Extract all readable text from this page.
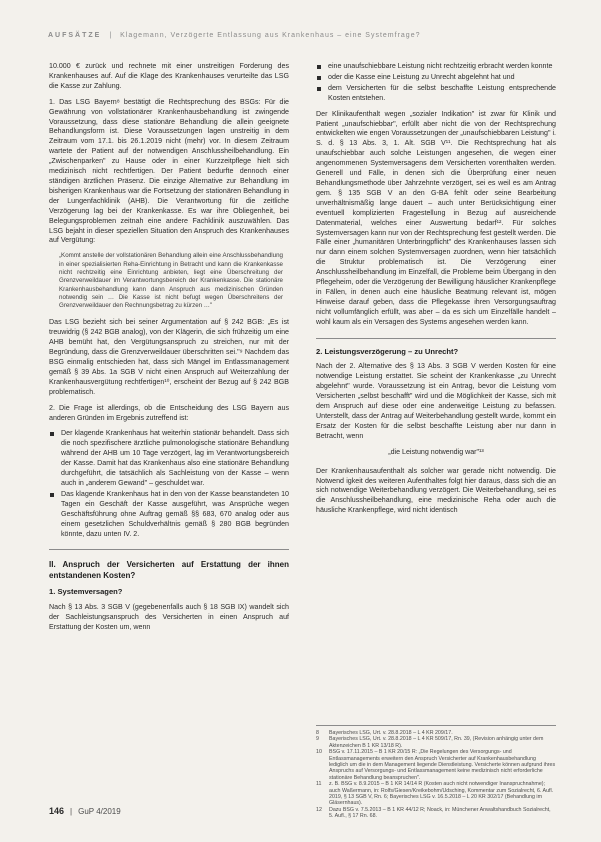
AUFSÄTZE | Klagemann, Verzögerte Entlassung aus Krankenhaus – eine Systemfrage?

10.000 € zurück und rechnete mit einer unstreitigen Forderung des Krankenhauses auf. Auf die Klage des Krankenhauses verurteilte das LSG die Kasse zur Zahlung.

1. Das LSG Bayern⁸ bestätigt die Rechtsprechung des BSGs: Für die Gewährung von vollstationärer Krankenhausbehandlung ist zwingende Voraussetzung, dass diese stationäre Behandlung die allein geeignete Behandlungsform ist. Diese Voraussetzungen lagen unstreitig in dem Zeitraum vom 17.1. bis 26.1.2019 nicht (mehr) vor. In diesem Zeitraum wartete der Patient auf der notwendigen Anschlussheilbehandlung. Ein „Zwischenparken" zu Hause oder in einer Kurzzeitpflege hielt sich medizinisch nicht rechtfertigen. Der Patient bedurfte dennoch einer ständigen ärztlichen Präsenz. Die einzige Alternative zur Behandlung im bisherigen Krankenhaus war die Fortsetzung der stationären Behandlung in der Lungenfachklinik (AHB). Die Verantwortung für die zeitliche Verzögerung lag bei der Krankenkasse. Es war ihre Obliegenheit, bei Belegungsproblemen zeitnah eine andere Fachklinik auszuwählen. Das LSG bejaht in dieser speziellen Situation den Anspruch des Krankenhauses auf Vergütung:

„Kommt anstelle der vollstationären Behandlung allein eine Anschlussbehandlung in einer spezialisierten Reha-Einrichtung in Betracht und kann die Krankenkasse nicht rechtzeitig eine Einrichtung anbieten, liegt eine Überschreitung der Grenzverweildauer im Verantwortungsbereich der Krankenkasse. Die stationäre Krankenhausbehandlung kann dann Anspruch aus medizinischen Gründen notwendig sein … Die Kasse ist nicht befugt wegen Überschreitens der Grenzverweildauer den Rechnungsbetrag zu kürzen …"

Das LSG bezieht sich bei seiner Argumentation auf § 242 BGB: „Es ist treuwidrig (§ 242 BGB analog), von der Klägerin, die sich frühzeitig um eine AHB bemüht hat, den Vergütungsanspruch zu streichen, nur mit der Begründung, dass die Grenzverweildauer überschritten sei."⁹ Nachdem das BSG einmalig entschieden hat, dass sich Mängel im Entlassmanagement gemäß § 39 Abs. 1a SGB V nicht einen Anspruch auf Weiterzahlung der Krankenhausvergütung rechtfertigen¹⁰, erscheint der Bezug auf § 242 BGB problematisch.

2. Die Frage ist allerdings, ob die Entscheidung des LSG Bayern aus anderen Gründen im Ergebnis zutreffend ist:

Der klagende Krankenhaus hat weiterhin stationär behandelt. Dass sich die noch spezifischere ärztliche pulmonologische stationäre Behandlung während der AHB um 10 Tage verzögert, lag im Verantwortungsbereich der Kasse. Damit hat das Krankenhaus also eine stationäre Behandlung durchgeführt, die tatsächlich als Sachleistung von der Kasse – wenn auch in „anderem Gewand" – geschuldet war.
Das klagende Krankenhaus hat in den von der Kasse beanstandeten 10 Tagen ein Geschäft der Kasse ausgeführt, was Ansprüche wegen Geschäftsführung ohne Auftrag gemäß §§ 683, 670 analog oder aus einem gesetzlichen Schuldverhältnis gemäß § 280 BGB begründen könnte, dazu unten IV. 2.
II. Anspruch der Versicherten auf Erstattung der ihnen entstandenen Kosten?
1. Systemversagen?

Nach § 13 Abs. 3 SGB V (gegebenenfalls auch § 18 SGB IX) wandelt sich der Sachleistungsanspruch des Versicherten in einen Anspruch auf Erstattung der Kosten um, wenn

eine unaufschiebbare Leistung nicht rechtzeitig erbracht werden konnte
oder die Kasse eine Leistung zu Unrecht abgelehnt hat und
dem Versicherten für die selbst beschaffte Leistung entsprechende Kosten entstehen.

Der Klinikaufenthalt wegen „sozialer Indikation" ist zwar für Klinik und Patient „unaufschiebbar", erfüllt aber nicht die von der Rechtsprechung entwickelten wie engen Voraussetzungen der „unaufschiebbaren Leistung" i. S. d. § 13 Abs. 3, 1. Alt. SGB V¹¹. Die Rechtsprechung hat als unaufschiebbar auch solche Leistungen angesehen, die wegen einer angenommenen Systemversagens dem Versicherten vorenthalten werden. Generell und Fälle, in denen sich die Überprüfung einer neuen Behandlungsmethode über Jahrzehnte verzögert, sei es weil es am Antrag gem. § 135 SGB V an den G-BA fehlt oder seine Bearbeitung unverhältnismäßig lange dauert – auch unter Berücksichtigung einer eventuell komplizierten Fragestellung in Bezug auf ausreichende Datenmaterial, welches einer Auswertung bedarf¹². Für solches Systemversagen kann nur von der Rechtsprechung fest gestellt werden. Die Fälle einer „humanitären Unterbringpflicht" des Krankenhauses lassen sich nur dann einem solchen Systemversagen zuordnen, wenn hier tatsächlich die Struktur problematisch ist. Die Verzögerung einer Anschlussheilbehandlung im Einzelfall, die Probleme beim Übergang in den Pflegeheim, oder die Verzögerung der Bewilligung häuslicher Krankenpflege in Fällen, in denen auch eine häusliche Beatmung relevant ist, mögen Hinweise darauf geben, dass die Pflegekasse ihren Versorgungsauftrag nicht vollumfänglich erfüllt, was aber – da es sich um Einzelfälle handelt – wohl kaum als ein Versagen des Systems angesehen werden kann.

2. Leistungsverzögerung – zu Unrecht?

Nach der 2. Alternative des § 13 Abs. 3 SGB V werden Kosten für eine notwendige Leistung erstattet. Sie scheint der Krankenkasse „zu Unrecht abgelehnt" wurde. Voraussetzung ist ein Antrag, bevor die Leistung vom Versicherten „selbst beschafft" wird und die Möglichkeit der Kasse, sich mit dem Anspruch auf diese oder eine anderweitige Leistung zu befassen. Unterstellt, dass der Antrag auf Weiterbehandlung gestellt wurde, kommt ein Ersatz der Kosten für die selbst beschaffte Leistung aber nur dann in Betracht, wenn

„die Leistung notwendig war"¹³

Der Krankenhausaufenthalt als solcher war gerade nicht notwendig. Die Notwend igkeit des weiteren Aufenthaltes folgt hier daraus, dass sich die an sich notwendige Weiterbehandlung verzögert. Die Weiterbehandlung, sei es die Anschlussheilbehandlung, eine medizinische Reha oder auch die häusliche Krankenpflege, wird nicht identisch

8	Bayerisches LSG, Urt. v. 28.8.2018 – L 4 KR 209/17.
9	Bayerisches LSG, Urt. v. 28.8.2018 – L 4 KR 509/17, Rn. 39, (Revision anhängig unter dem Aktenzeichen B 1 KR 13/18 R).
10	BSG v. 17.11.2015 – B 1 KR 20/15 R: „Die Regelungen des Versorgungs- und Entlassmanagements erweitern den Anspruch Versicherter auf Krankenhausbehandlung lediglich um die in dem Management liegende Dienstleistung. Versicherte können aufgrund ihres Anspruchs auf Versorgungs- und Entlassmanagement keine medizinisch nicht erforderliche stationäre Behandlung beanspruchen".
11	z. B. BSG v. 8.9.2015 – B 1 KR 14/14 R (Kosten auch nicht notwendiger Inanspruchnahme); auch Waßermann, in: Rolfs/Giesen/Kreikebohm/Udsching, Kommentar zum Sozialrecht, 6. Aufl. 2019, § 13 SGB V, Rn. 6; Bayerisches LSG v. 16.5.2018 – L 20 KR 302/17 (Behandlung im Gläsernhaus).
12	Dazu BSG v. 7.5.2013 – B 1 KR 44/12 R; Noack, in: Münchener Anwaltshandbuch Sozialrecht, 5. Aufl., § 17 Rn. 68.
146 | GuP 4/2019
